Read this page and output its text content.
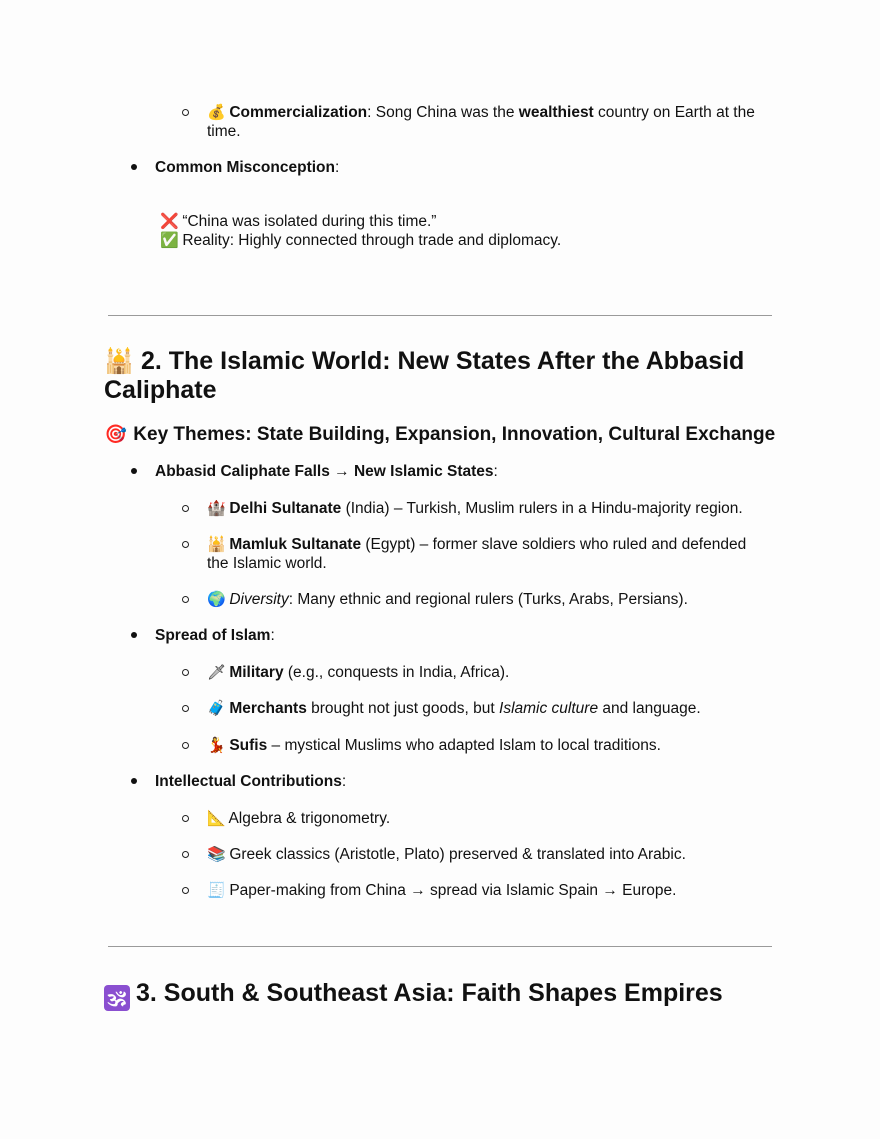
💰 Commercialization: Song China was the wealthiest country on Earth at the
time.
Common Misconception:
❌ “China was isolated during this time.”
✅ Reality: Highly connected through trade and diplomacy.
🕌 2. The Islamic World: New States After the Abbasid
Caliphate
🎯 Key Themes: State Building, Expansion, Innovation, Cultural Exchange
Abbasid Caliphate Falls → New Islamic States:
🏰 Delhi Sultanate (India) – Turkish, Muslim rulers in a Hindu-majority region.
🕌 Mamluk Sultanate (Egypt) – former slave soldiers who ruled and defended
the Islamic world.
🌍 Diversity: Many ethnic and regional rulers (Turks, Arabs, Persians).
Spread of Islam:
🗡 Military (e.g., conquests in India, Africa).
🧳 Merchants brought not just goods, but Islamic culture and language.
💃 Sufis – mystical Muslims who adapted Islam to local traditions.
Intellectual Contributions:
📐 Algebra & trigonometry.
📚 Greek classics (Aristotle, Plato) preserved & translated into Arabic.
🧾 Paper-making from China → spread via Islamic Spain → Europe.
🕉 3. South & Southeast Asia: Faith Shapes Empires
